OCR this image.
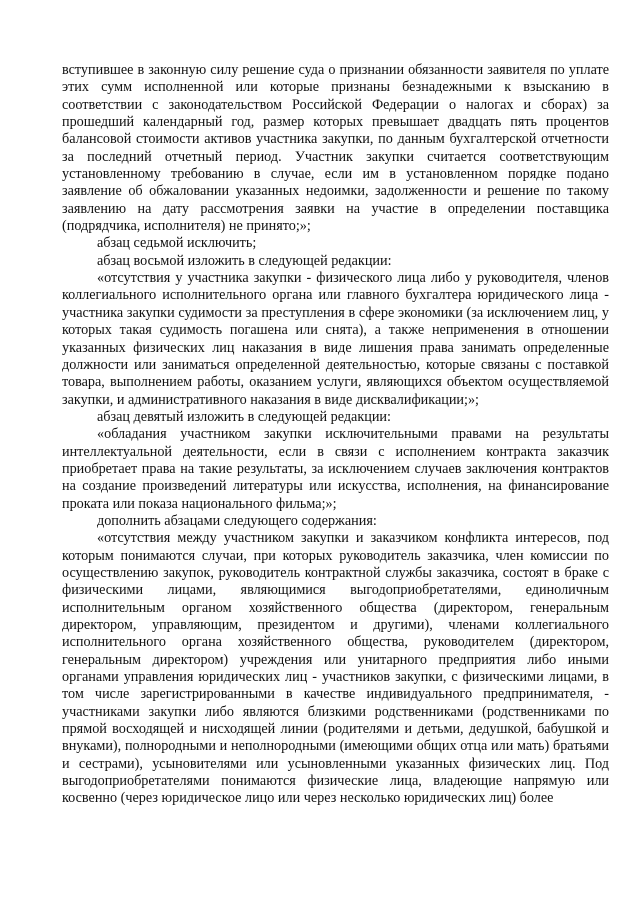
вступившее в законную силу решение суда о признании обязанности заявителя по уплате этих сумм исполненной или которые признаны безнадежными к взысканию в соответствии с законодательством Российской Федерации о налогах и сборах) за прошедший календарный год, размер которых превышает двадцать пять процентов балансовой стоимости активов участника закупки, по данным бухгалтерской отчетности за последний отчетный период. Участник закупки считается соответствующим установленному требованию в случае, если им в установленном порядке подано заявление об обжаловании указанных недоимки, задолженности и решение по такому заявлению на дату рассмотрения заявки на участие в определении поставщика (подрядчика, исполнителя) не принято;»;

абзац седьмой исключить;

абзац восьмой изложить в следующей редакции:

«отсутствия у участника закупки - физического лица либо у руководителя, членов коллегиального исполнительного органа или главного бухгалтера юридического лица - участника закупки судимости за преступления в сфере экономики (за исключением лиц, у которых такая судимость погашена или снята), а также неприменения в отношении указанных физических лиц наказания в виде лишения права занимать определенные должности или заниматься определенной деятельностью, которые связаны с поставкой товара, выполнением работы, оказанием услуги, являющихся объектом осуществляемой закупки, и административного наказания в виде дисквалификации;»;

абзац девятый изложить в следующей редакции:

«обладания участником закупки исключительными правами на результаты интеллектуальной деятельности, если в связи с исполнением контракта заказчик приобретает права на такие результаты, за исключением случаев заключения контрактов на создание произведений литературы или искусства, исполнения, на финансирование проката или показа национального фильма;»;

дополнить абзацами следующего содержания:

«отсутствия между участником закупки и заказчиком конфликта интересов, под которым понимаются случаи, при которых руководитель заказчика, член комиссии по осуществлению закупок, руководитель контрактной службы заказчика, состоят в браке с физическими лицами, являющимися выгодоприобретателями, единоличным исполнительным органом хозяйственного общества (директором, генеральным директором, управляющим, президентом и другими), членами коллегиального исполнительного органа хозяйственного общества, руководителем (директором, генеральным директором) учреждения или унитарного предприятия либо иными органами управления юридических лиц - участников закупки, с физическими лицами, в том числе зарегистрированными в качестве индивидуального предпринимателя, - участниками закупки либо являются близкими родственниками (родственниками по прямой восходящей и нисходящей линии (родителями и детьми, дедушкой, бабушкой и внуками), полнородными и неполнородными (имеющими общих отца или мать) братьями и сестрами), усыновителями или усыновленными указанных физических лиц. Под выгодоприобретателями понимаются физические лица, владеющие напрямую или косвенно (через юридическое лицо или через несколько юридических лиц) более
